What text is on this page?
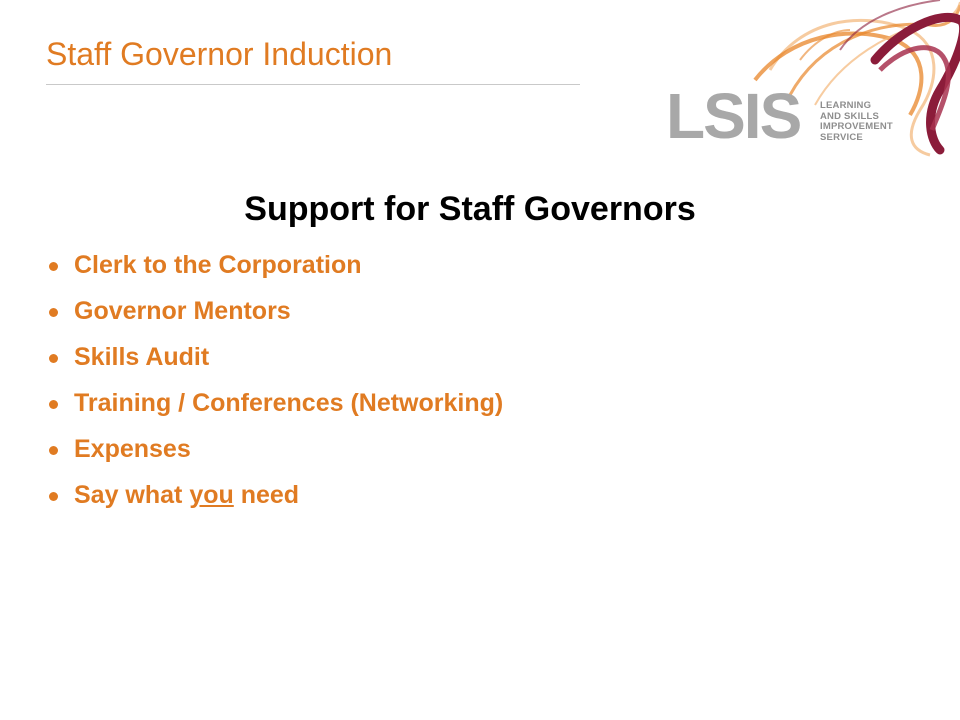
Staff Governor Induction
LSIS LEARNING
AND SKILLS
IMPROVEMENT
SERVICE
Support for Staff Governors
Clerk to the Corporation
Governor Mentors
Skills Audit
Training / Conferences (Networking)
Expenses
Say what you need
